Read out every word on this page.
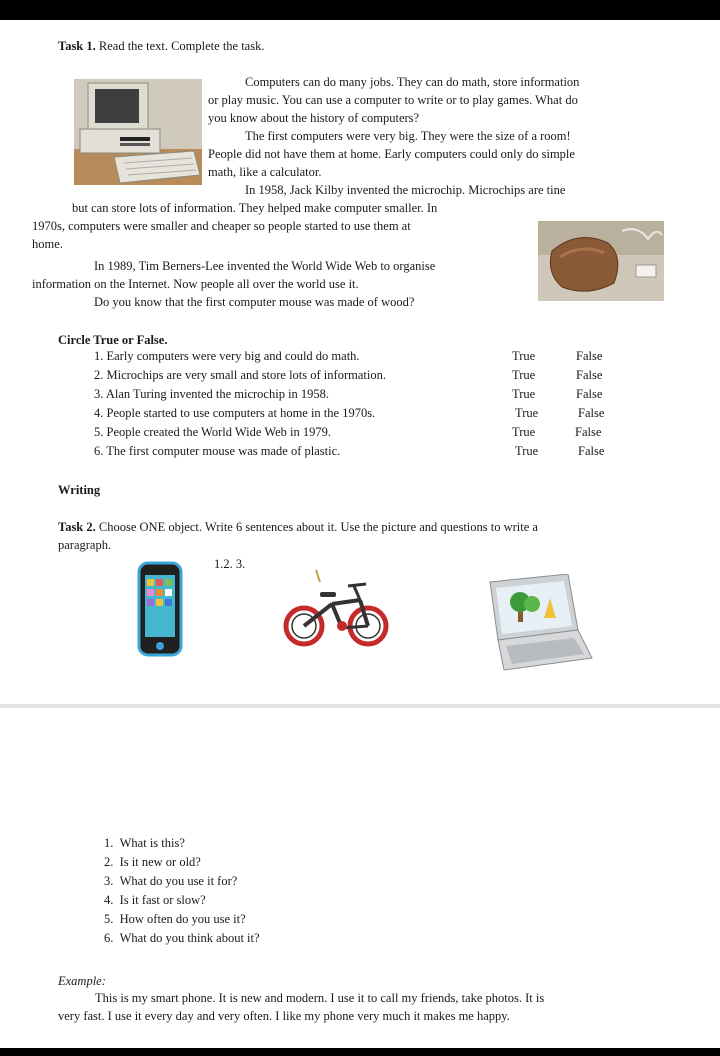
Task 1. Read the text. Complete the task.
Computers can do many jobs. They can do math, store information
or play music. You can use a computer to write or to play games. What do
you know about the history of computers?
The first computers were very big. They were the size of a room!
People did not have them at home. Early computers could only do simple
math, like a calculator.
In 1958, Jack Kilby invented the microchip. Microchips are tine
but can store lots of information. They helped make computer smaller. In
1970s, computers were smaller and cheaper so people started to use them at
home.
In 1989, Tim Berners-Lee invented the World Wide Web to organise
information on the Internet. Now people all over the world use it.
Do you know that the first computer mouse was made of wood?
Circle True or False.
1. Early computers were very big and could do math.	True	False
2. Microchips are very small and store lots of information.	True	False
3. Alan Turing invented the microchip in 1958.	True	False
4. People started to use computers at home in the 1970s.	True	False
5. People created the World Wide Web in 1979.	True	False
6. The first computer mouse was made of plastic.	True	False
Writing
Task 2. Choose ONE object. Write 6 sentences about it. Use the picture and questions to write a
paragraph.
1.2. 3.
1. What is this?
2. Is it new or old?
3. What do you use it for?
4. Is it fast or slow?
5. How often do you use it?
6. What do you think about it?
Example:
This is my smart phone. It is new and modern. I use it to call my friends, take photos. It is
very fast. I use it every day and very often. I like my phone very much it makes me happy.
